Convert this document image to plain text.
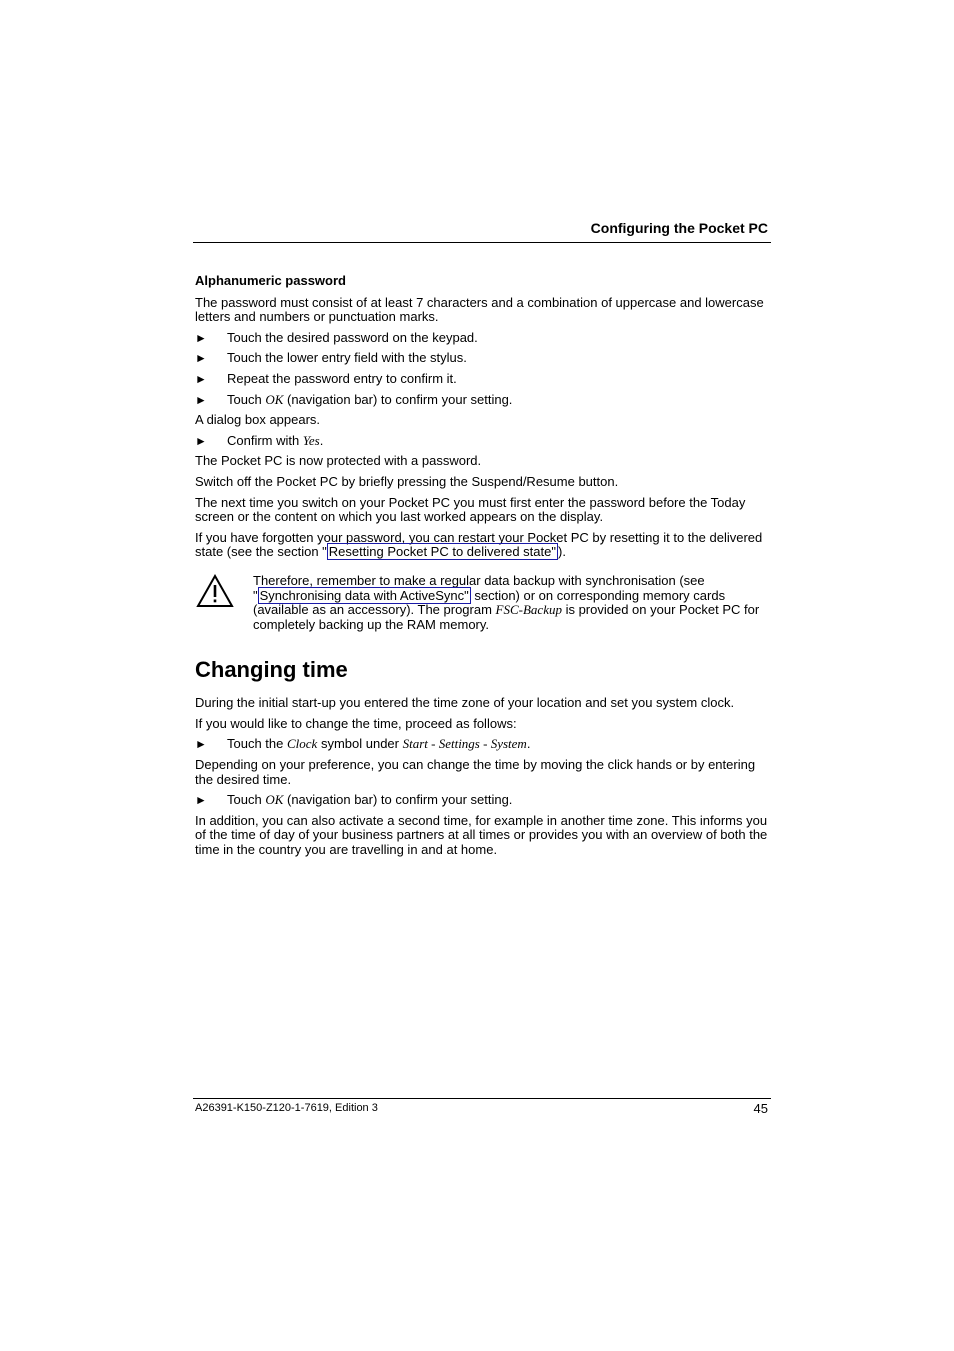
Configuring the Pocket PC
Alphanumeric password

The password must consist of at least 7 characters and a combination of uppercase and lowercase letters and numbers or punctuation marks.

► Touch the desired password on the keypad.
► Touch the lower entry field with the stylus.
► Repeat the password entry to confirm it.
► Touch OK (navigation bar) to confirm your setting.

A dialog box appears.

► Confirm with Yes.

The Pocket PC is now protected with a password.

Switch off the Pocket PC by briefly pressing the Suspend/Resume button.

The next time you switch on your Pocket PC you must first enter the password before the Today screen or the content on which you last worked appears on the display.

If you have forgotten your password, you can restart your Pocket PC by resetting it to the delivered state (see the section " Resetting Pocket PC to delivered state" ).

Therefore, remember to make a regular data backup with synchronisation (see " Synchronising data with ActiveSync" section) or on corresponding memory cards (available as an accessory). The program FSC-Backup is provided on your Pocket PC for completely backing up the RAM memory.

Changing time

During the initial start-up you entered the time zone of your location and set you system clock.

If you would like to change the time, proceed as follows:

► Touch the Clock symbol under Start - Settings - System.

Depending on your preference, you can change the time by moving the click hands or by entering the desired time.

► Touch OK (navigation bar) to confirm your setting.

In addition, you can also activate a second time, for example in another time zone. This informs you of the time of day of your business partners at all times or provides you with an overview of both the time in the country you are travelling in and at home.

A26391-K150-Z120-1-7619, Edition 3	45
